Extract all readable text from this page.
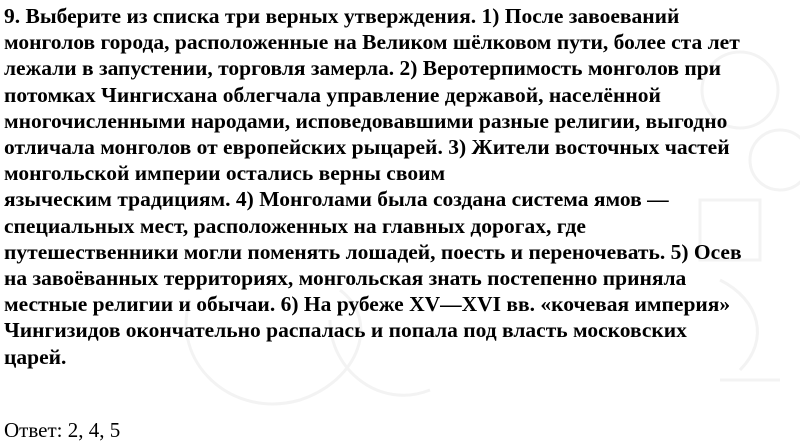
9. Выберите из списка три верных утверждения. 1) После завоеваний
монголов города, расположенные на Великом шёлковом пути, более ста лет
лежали в запустении, торговля замерла. 2) Веротерпимость монголов при
потомках Чингисхана облегчала управление державой, населённой
многочисленными народами, исповедовавшими разные религии, выгодно
отличала монголов от европейских рыцарей. 3) Жители восточных частей
монгольской империи остались верны своим
языческим традициям. 4) Монголами была создана система ямов —
специальных мест, расположенных на главных дорогах, где
путешественники могли поменять лошадей, поесть и переночевать. 5) Осев
на завоёванных территориях, монгольская знать постепенно приняла
местные религии и обычаи. 6) На рубеже XV—XVI вв. «кочевая империя»
Чингизидов окончательно распалась и попала под власть московских
царей.
Ответ: 2, 4, 5
